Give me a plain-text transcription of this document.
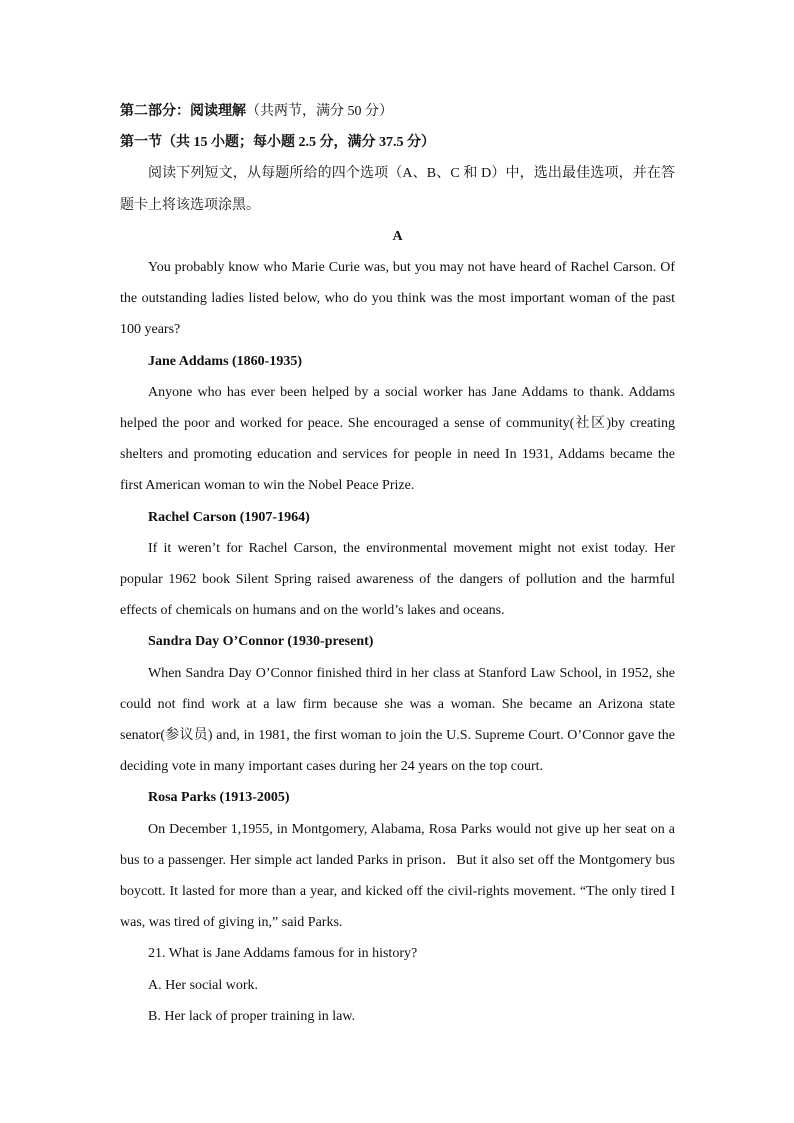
第二部分：阅读理解（共两节，满分 50 分）

第一节（共 15 小题；每小题 2.5 分，满分 37.5 分）

阅读下列短文，从每题所给的四个选项（A、B、C 和 D）中，选出最佳选项，并在答题卡上将该选项涂黑。

A

You probably know who Marie Curie was, but you may not have heard of Rachel Carson. Of the outstanding ladies listed below, who do you think was the most important woman of the past 100 years?

Jane Addams (1860-1935)

Anyone who has ever been helped by a social worker has Jane Addams to thank. Addams helped the poor and worked for peace. She encouraged a sense of community(社区)by creating shelters and promoting education and services for people in need In 1931, Addams became the first American woman to win the Nobel Peace Prize.

Rachel Carson (1907-1964)

If it weren’t for Rachel Carson, the environmental movement might not exist today. Her popular 1962 book Silent Spring raised awareness of the dangers of pollution and the harmful effects of chemicals on humans and on the world’s lakes and oceans.

Sandra Day O’Connor (1930-present)

When Sandra Day O’Connor finished third in her class at Stanford Law School, in 1952, she could not find work at a law firm because she was a woman. She became an Arizona state senator(参议员) and, in 1981, the first woman to join the U.S. Supreme Court. O’Connor gave the deciding vote in many important cases during her 24 years on the top court.

Rosa Parks (1913-2005)

On December 1,1955, in Montgomery, Alabama, Rosa Parks would not give up her seat on a bus to a passenger. Her simple act landed Parks in prison．But it also set off the Montgomery bus boycott. It lasted for more than a year, and kicked off the civil-rights movement. “The only tired I was, was tired of giving in,” said Parks.

21. What is Jane Addams famous for in history?

A. Her social work.

B. Her lack of proper training in law.
